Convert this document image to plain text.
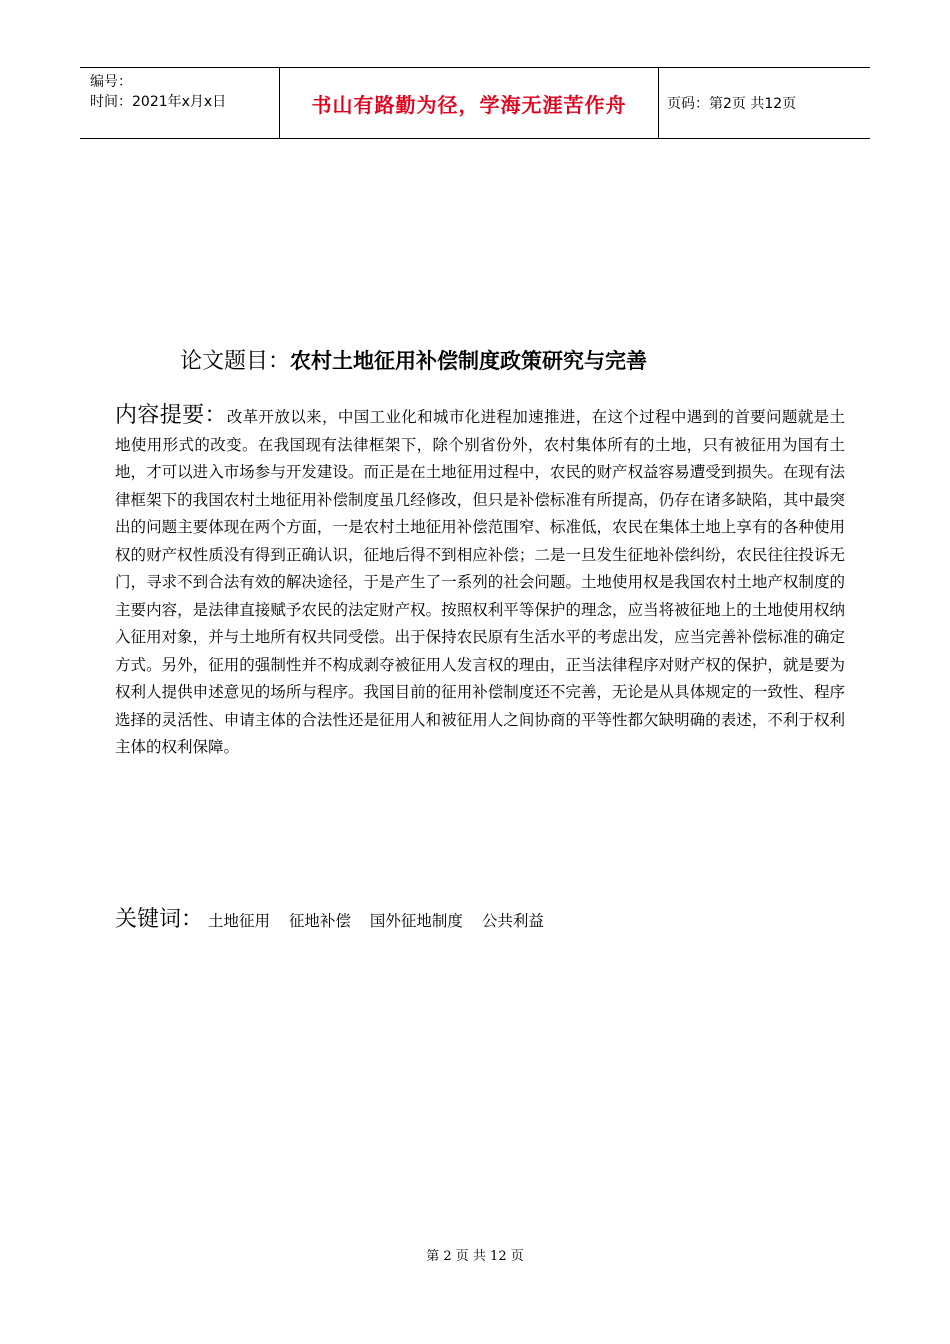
编号：
时间：2021年x月x日	书山有路勤为径，学海无涯苦作舟	页码：第2页 共12页
论文题目：农村土地征用补偿制度政策研究与完善
内容提要：改革开放以来，中国工业化和城市化进程加速推进，在这个过程中遇到的首要问题就是土地使用形式的改变。在我国现有法律框架下，除个别省份外，农村集体所有的土地，只有被征用为国有土地，才可以进入市场参与开发建设。而正是在土地征用过程中，农民的财产权益容易遭受到损失。在现有法律框架下的我国农村土地征用补偿制度虽几经修改，但只是补偿标准有所提高，仍存在诸多缺陷，其中最突出的问题主要体现在两个方面，一是农村土地征用补偿范围窄、标准低，农民在集体土地上享有的各种使用权的财产权性质没有得到正确认识，征地后得不到相应补偿；二是一旦发生征地补偿纠纷，农民往往投诉无门，寻求不到合法有效的解决途径，于是产生了一系列的社会问题。土地使用权是我国农村土地产权制度的主要内容，是法律直接赋予农民的法定财产权。按照权利平等保护的理念，应当将被征地上的土地使用权纳入征用对象，并与土地所有权共同受偿。出于保持农民原有生活水平的考虑出发，应当完善补偿标准的确定方式。另外，征用的强制性并不构成剥夺被征用人发言权的理由，正当法律程序对财产权的保护，就是要为权利人提供申述意见的场所与程序。我国目前的征用补偿制度还不完善，无论是从具体规定的一致性、程序选择的灵活性、申请主体的合法性还是征用人和被征用人之间协商的平等性都欠缺明确的表述，不利于权利主体的权利保障。
关键词： 土地征用 征地补偿 国外征地制度 公共利益
第 2 页 共 12 页
